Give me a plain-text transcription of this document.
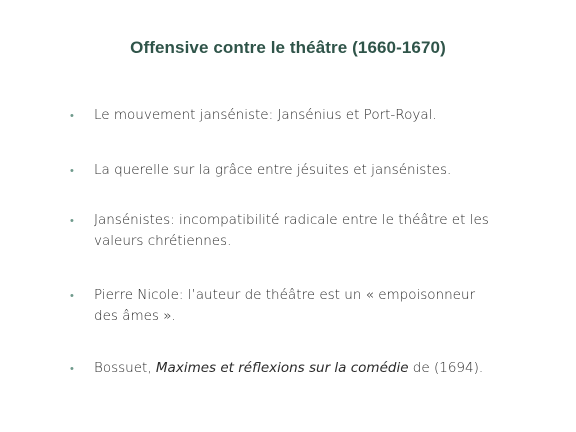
Offensive contre le théâtre (1660-1670)
•	Le mouvement janséniste: Jansénius et Port-Royal.
•	La querelle sur la grâce entre jésuites et jansénistes.
•	Jansénistes: incompatibilité radicale entre le théâtre et les
valeurs chrétiennes.
•	Pierre Nicole: l’auteur de théâtre est un « empoisonneur
des âmes ».
•	Bossuet, Maximes et réflexions sur la comédie de (1694).
